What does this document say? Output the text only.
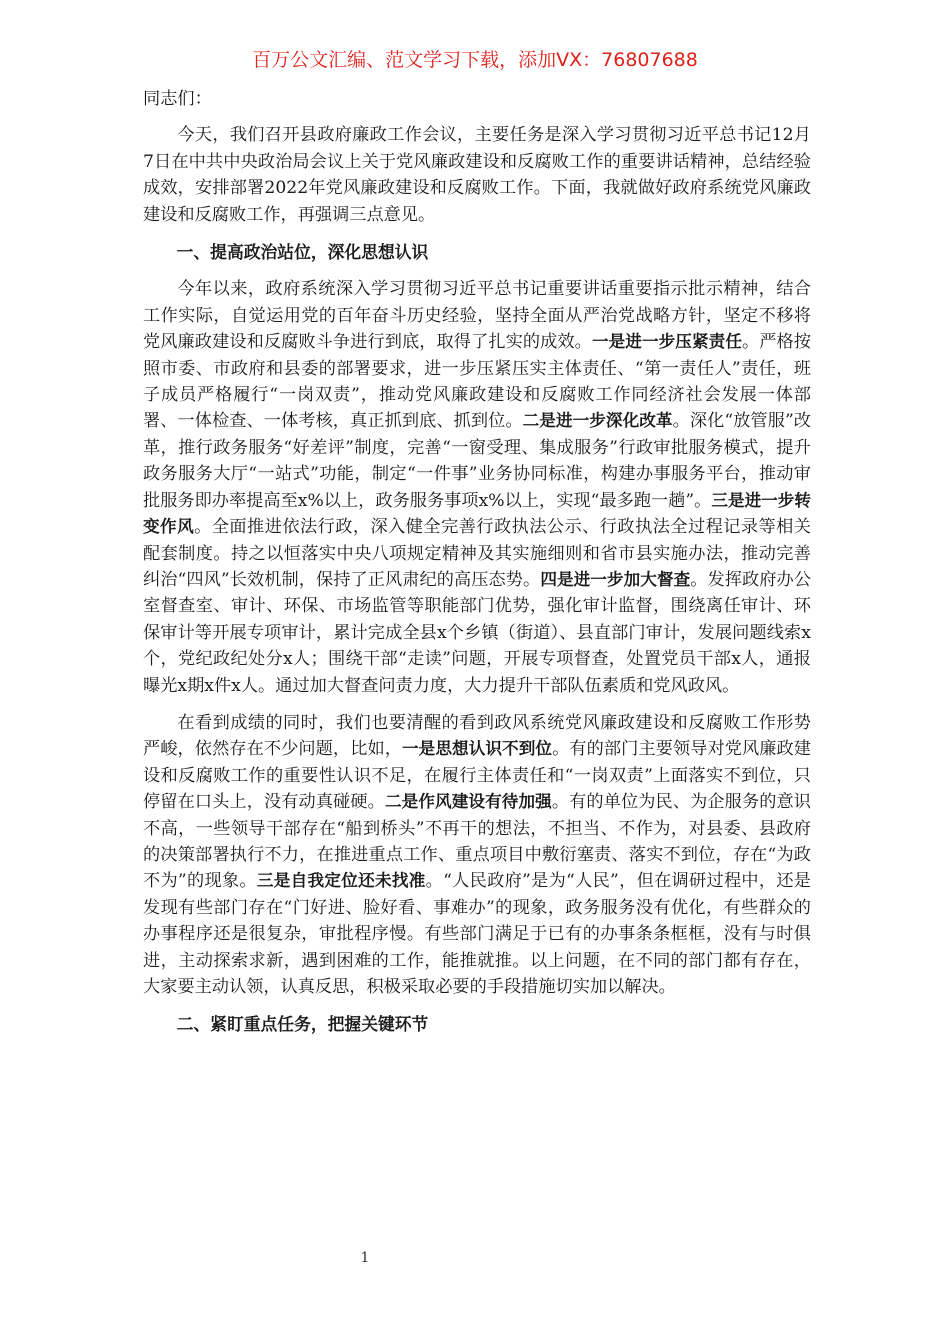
百万公文汇编、范文学习下载，添加VX：76807688

同志们：

今天，我们召开县政府廉政工作会议，主要任务是深入学习贯彻习近平总书记12月7日在中共中央政治局会议上关于党风廉政建设和反腐败工作的重要讲话精神，总结经验成效，安排部署2022年党风廉政建设和反腐败工作。下面，我就做好政府系统党风廉政建设和反腐败工作，再强调三点意见。

一、提高政治站位，深化思想认识

今年以来，政府系统深入学习贯彻习近平总书记重要讲话重要指示批示精神，结合工作实际，自觉运用党的百年奋斗历史经验，坚持全面从严治党战略方针，坚定不移将党风廉政建设和反腐败斗争进行到底，取得了扎实的成效。一是进一步压紧责任。严格按照市委、市政府和县委的部署要求，进一步压紧压实主体责任、“第一责任人”责任，班子成员严格履行“一岗双责”，推动党风廉政建设和反腐败工作同经济社会发展一体部署、一体检查、一体考核，真正抓到底、抓到位。二是进一步深化改革。深化“放管服”改革，推行政务服务“好差评”制度，完善“一窗受理、集成服务”行政审批服务模式，提升政务服务大厅“一站式”功能，制定“一件事”业务协同标准，构建办事服务平台，推动审批服务即办率提高至x%以上，政务服务事项x%以上，实现“最多跑一趟”。三是进一步转变作风。全面推进依法行政，深入健全完善行政执法公示、行政执法全过程记录等相关配套制度。持之以恒落实中央八项规定精神及其实施细则和省市县实施办法，推动完善纠治“四风”长效机制，保持了正风肃纪的高压态势。四是进一步加大督查。发挥政府办公室督查室、审计、环保、市场监管等职能部门优势，强化审计监督，围绕离任审计、环保审计等开展专项审计，累计完成全县x个乡镇（街道）、县直部门审计，发展问题线索x个，党纪政纪处分x人；围绕干部“走读”问题，开展专项督查，处置党员干部x人，通报曝光x期x件x人。通过加大督查问责力度，大力提升干部队伍素质和党风政风。

在看到成绩的同时，我们也要清醒的看到政风系统党风廉政建设和反腐败工作形势严峻，依然存在不少问题，比如，一是思想认识不到位。有的部门主要领导对党风廉政建设和反腐败工作的重要性认识不足，在履行主体责任和“一岗双责”上面落实不到位，只停留在口头上，没有动真碰硬。二是作风建设有待加强。有的单位为民、为企服务的意识不高，一些领导干部存在“船到桥头”不再干的想法，不担当、不作为，对县委、县政府的决策部署执行不力，在推进重点工作、重点项目中敷衍塞责、落实不到位，存在“为政不为”的现象。三是自我定位还未找准。“人民政府”是为“人民”，但在调研过程中，还是发现有些部门存在“门好进、脸好看、事难办”的现象，政务服务没有优化，有些群众的办事程序还是很复杂，审批程序慢。有些部门满足于已有的办事条条框框，没有与时俱进，主动探索求新，遇到困难的工作，能推就推。以上问题，在不同的部门都有存在，大家要主动认领，认真反思，积极采取必要的手段措施切实加以解决。

二、紧盯重点任务，把握关键环节

1
